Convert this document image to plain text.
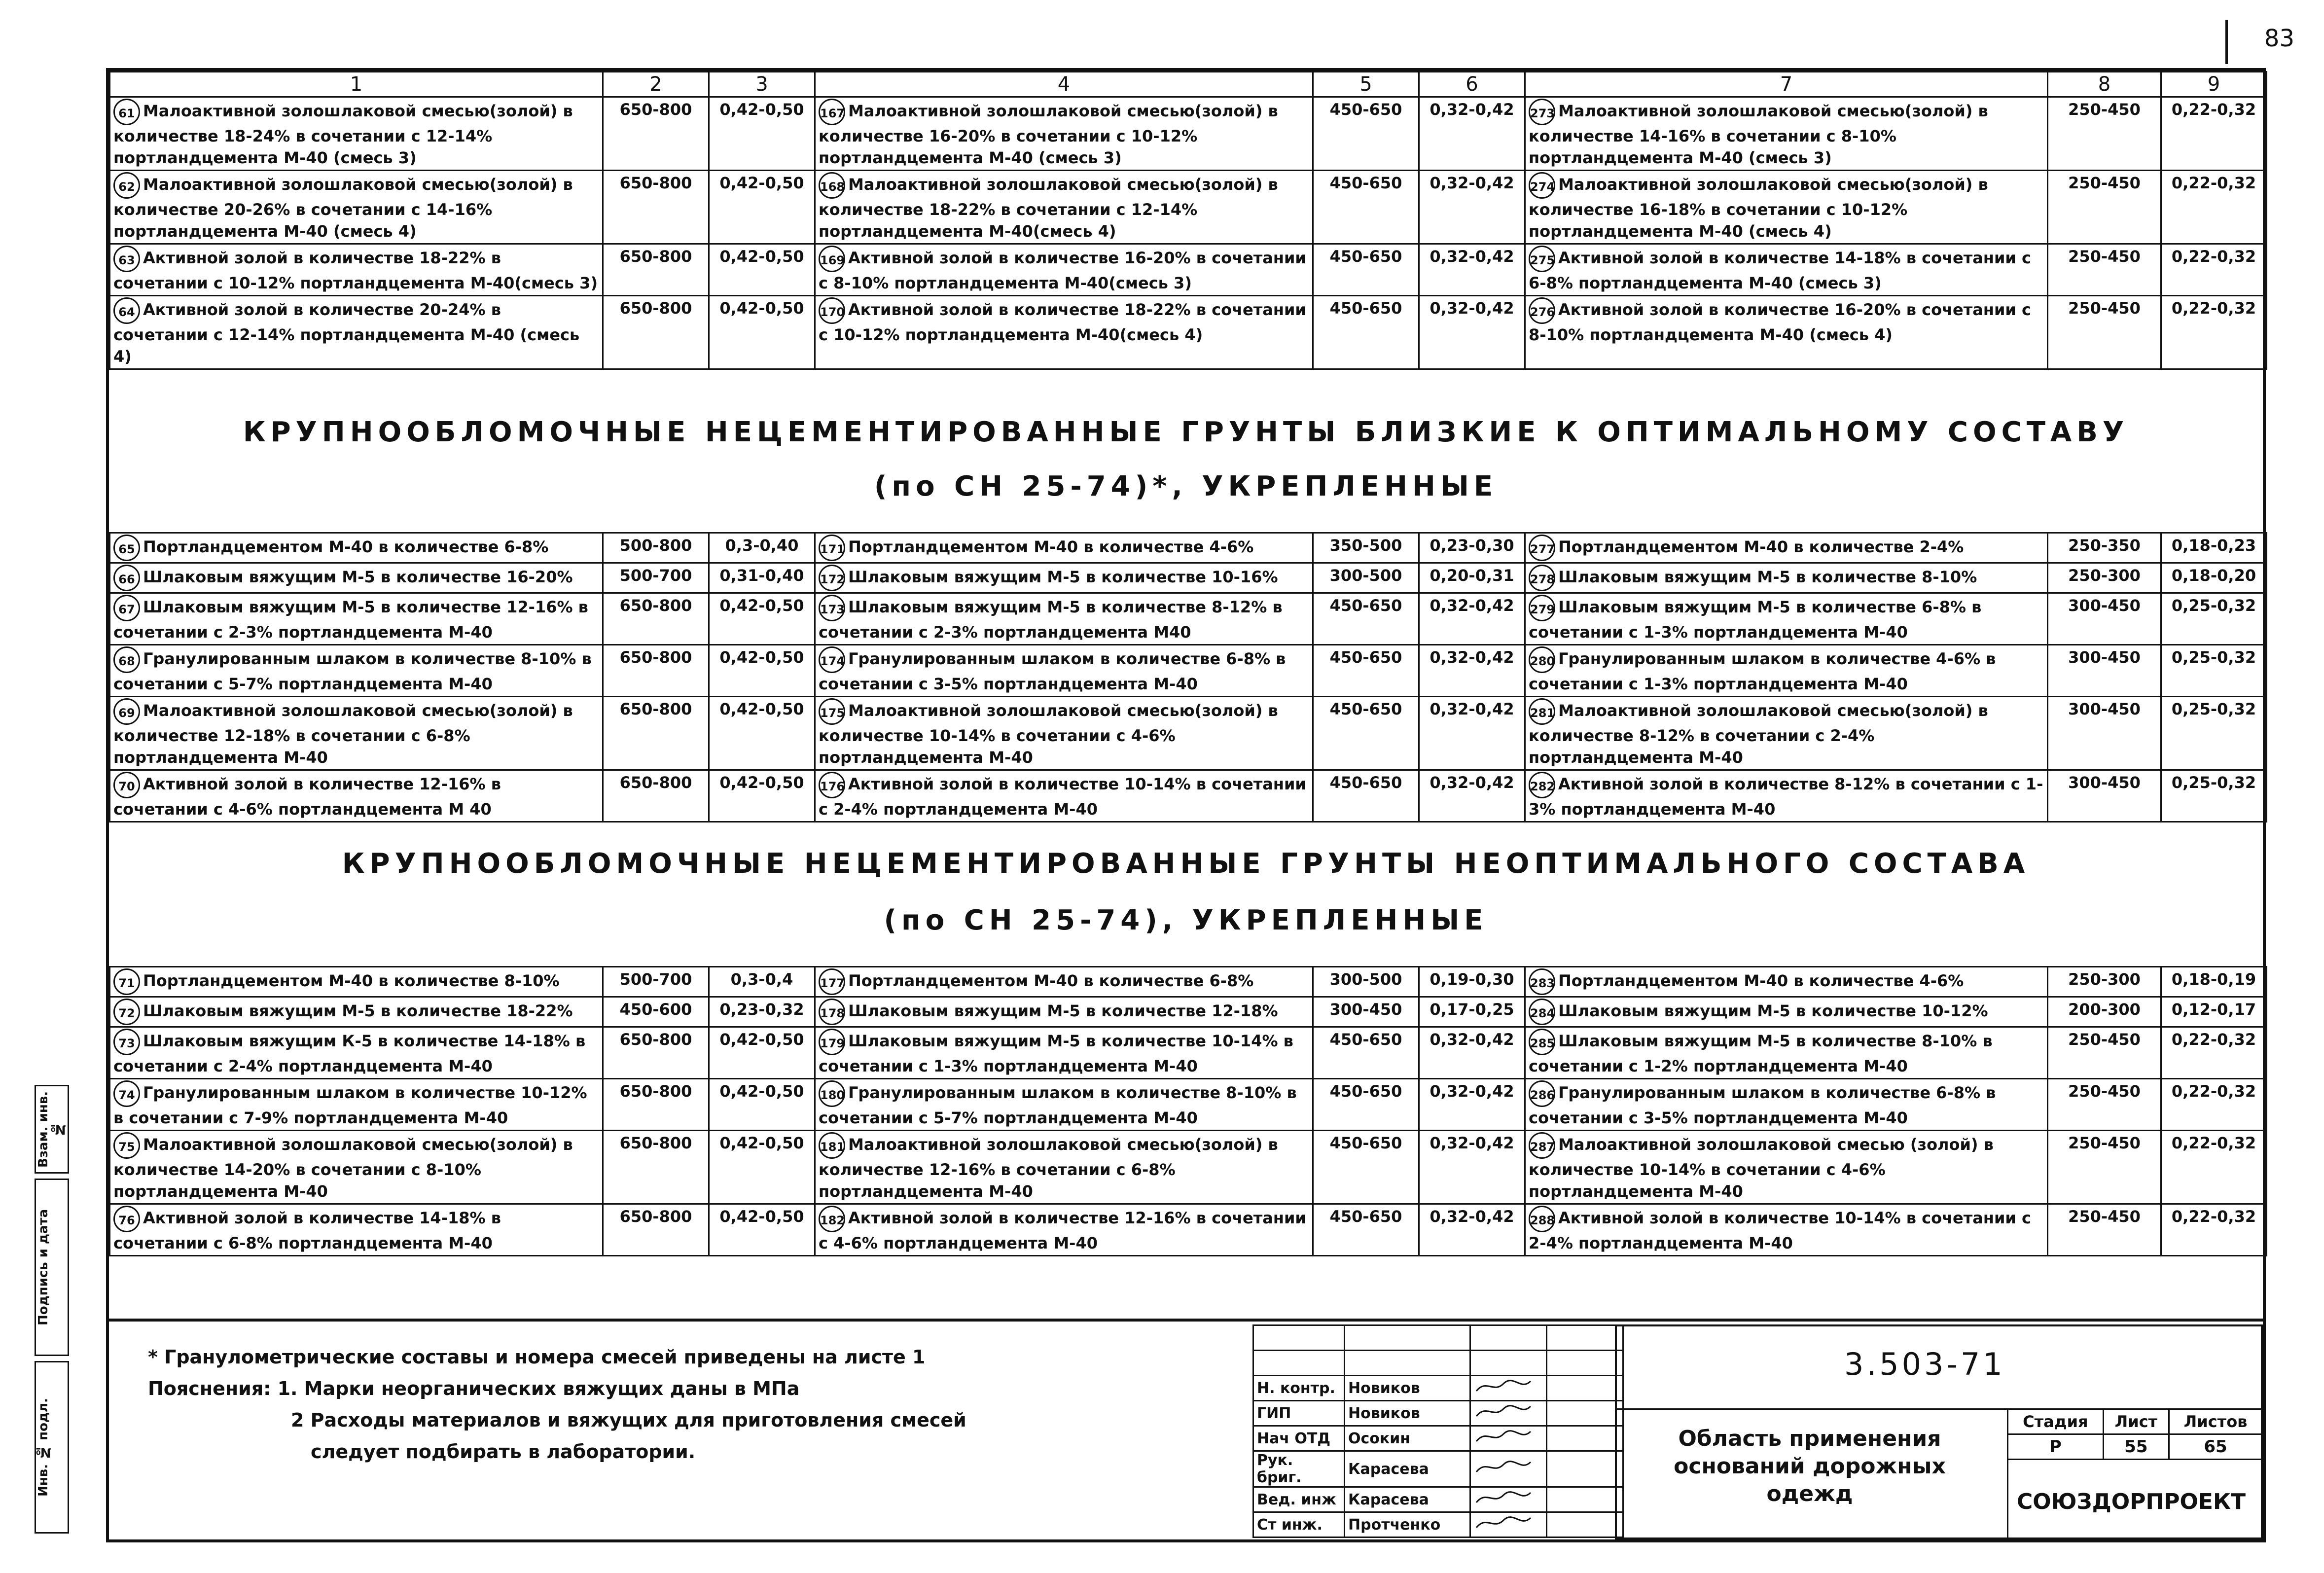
83
Взам. инв. №
Подпись и дата
Инв. № подл.
1	2	3	4	5	6	7	8	9
61 Малоактивной золошлаковой смесью(золой) в количестве 18-24% в сочетании с 12-14% портландцемента М-40 (смесь 3)	650-800	0,42-0,50	167 Малоактивной золошлаковой смесью(золой) в количестве 16-20% в сочетании с 10-12% портландцемента М-40 (смесь 3)	450-650	0,32-0,42	273 Малоактивной золошлаковой смесью(золой) в количестве 14-16% в сочетании с 8-10% портландцемента М-40 (смесь 3)	250-450	0,22-0,32
62 Малоактивной золошлаковой смесью(золой) в количестве 20-26% в сочетании с 14-16% портландцемента М-40 (смесь 4)	650-800	0,42-0,50	168 Малоактивной золошлаковой смесью(золой) в количестве 18-22% в сочетании с 12-14% портландцемента М-40(смесь 4)	450-650	0,32-0,42	274 Малоактивной золошлаковой смесью(золой) в количестве 16-18% в сочетании с 10-12% портландцемента М-40 (смесь 4)	250-450	0,22-0,32
63 Активной золой в количестве 18-22% в сочетании с 10-12% портландцемента М-40(смесь 3)	650-800	0,42-0,50	169 Активной золой в количестве 16-20% в сочетании с 8-10% портландцемента М-40(смесь 3)	450-650	0,32-0,42	275 Активной золой в количестве 14-18% в сочетании с 6-8% портландцемента М-40 (смесь 3)	250-450	0,22-0,32
64 Активной золой в количестве 20-24% в сочетании с 12-14% портландцемента М-40 (смесь 4)	650-800	0,42-0,50	170 Активной золой в количестве 18-22% в сочетании с 10-12% портландцемента М-40(смесь 4)	450-650	0,32-0,42	276 Активной золой в количестве 16-20% в сочетании с 8-10% портландцемента М-40 (смесь 4)	250-450	0,22-0,32
КРУПНООБЛОМОЧНЫЕ НЕЦЕМЕНТИРОВАННЫЕ ГРУНТЫ БЛИЗКИЕ К ОПТИМАЛЬНОМУ СОСТАВУ
(по СН 25-74)*, УКРЕПЛЕННЫЕ
65 Портландцементом М-40 в количестве 6-8%	500-800	0,3-0,40	171 Портландцементом М-40 в количестве 4-6%	350-500	0,23-0,30	277 Портландцементом М-40 в количестве 2-4%	250-350	0,18-0,23
66 Шлаковым вяжущим М-5 в количестве 16-20%	500-700	0,31-0,40	172 Шлаковым вяжущим М-5 в количестве 10-16%	300-500	0,20-0,31	278 Шлаковым вяжущим М-5 в количестве 8-10%	250-300	0,18-0,20
67 Шлаковым вяжущим М-5 в количестве 12-16% в сочетании с 2-3% портландцемента М-40	650-800	0,42-0,50	173 Шлаковым вяжущим М-5 в количестве 8-12% в сочетании с 2-3% портландцемента М40	450-650	0,32-0,42	279 Шлаковым вяжущим М-5 в количестве 6-8% в сочетании с 1-3% портландцемента М-40	300-450	0,25-0,32
68 Гранулированным шлаком в количестве 8-10% в сочетании с 5-7% портландцемента М-40	650-800	0,42-0,50	174 Гранулированным шлаком в количестве 6-8% в сочетании с 3-5% портландцемента М-40	450-650	0,32-0,42	280 Гранулированным шлаком в количестве 4-6% в сочетании с 1-3% портландцемента М-40	300-450	0,25-0,32
69 Малоактивной золошлаковой смесью(золой) в количестве 12-18% в сочетании с 6-8% портландцемента М-40	650-800	0,42-0,50	175 Малоактивной золошлаковой смесью(золой) в количестве 10-14% в сочетании с 4-6% портландцемента М-40	450-650	0,32-0,42	281 Малоактивной золошлаковой смесью(золой) в количестве 8-12% в сочетании с 2-4% портландцемента М-40	300-450	0,25-0,32
70 Активной золой в количестве 12-16% в сочетании с 4-6% портландцемента М 40	650-800	0,42-0,50	176 Активной золой в количестве 10-14% в сочетании с 2-4% портландцемента М-40	450-650	0,32-0,42	282 Активной золой в количестве 8-12% в сочетании с 1-3% портландцемента М-40	300-450	0,25-0,32
КРУПНООБЛОМОЧНЫЕ НЕЦЕМЕНТИРОВАННЫЕ ГРУНТЫ НЕОПТИМАЛЬНОГО СОСТАВА
(по СН 25-74), УКРЕПЛЕННЫЕ
71 Портландцементом М-40 в количестве 8-10%	500-700	0,3-0,4	177 Портландцементом М-40 в количестве 6-8%	300-500	0,19-0,30	283 Портландцементом М-40 в количестве 4-6%	250-300	0,18-0,19
72 Шлаковым вяжущим М-5 в количестве 18-22%	450-600	0,23-0,32	178 Шлаковым вяжущим М-5 в количестве 12-18%	300-450	0,17-0,25	284 Шлаковым вяжущим М-5 в количестве 10-12%	200-300	0,12-0,17
73 Шлаковым вяжущим К-5 в количестве 14-18% в сочетании с 2-4% портландцемента М-40	650-800	0,42-0,50	179 Шлаковым вяжущим М-5 в количестве 10-14% в сочетании с 1-3% портландцемента М-40	450-650	0,32-0,42	285 Шлаковым вяжущим М-5 в количестве 8-10% в сочетании с 1-2% портландцемента М-40	250-450	0,22-0,32
74 Гранулированным шлаком в количестве 10-12% в сочетании с 7-9% портландцемента М-40	650-800	0,42-0,50	180 Гранулированным шлаком в количестве 8-10% в сочетании с 5-7% портландцемента М-40	450-650	0,32-0,42	286 Гранулированным шлаком в количестве 6-8% в сочетании с 3-5% портландцемента М-40	250-450	0,22-0,32
75 Малоактивной золошлаковой смесью(золой) в количестве 14-20% в сочетании с 8-10% портландцемента М-40	650-800	0,42-0,50	181 Малоактивной золошлаковой смесью(золой) в количестве 12-16% в сочетании с 6-8% портландцемента М-40	450-650	0,32-0,42	287 Малоактивной золошлаковой смесью (золой) в количестве 10-14% в сочетании с 4-6% портландцемента М-40	250-450	0,22-0,32
76 Активной золой в количестве 14-18% в сочетании с 6-8% портландцемента М-40	650-800	0,42-0,50	182 Активной золой в количестве 12-16% в сочетании с 4-6% портландцемента М-40	450-650	0,32-0,42	288 Активной золой в количестве 10-14% в сочетании с 2-4% портландцемента М-40	250-450	0,22-0,32
* Гранулометрические составы и номера смесей приведены на листе 1
Пояснения: 1. Марки неорганических вяжущих даны в МПа
2 Расходы материалов и вяжущих для приготовления смесей
следует подбирать в лаборатории.

Н. контр.	Новиков		
ГИП	Новиков		
Нач ОТД	Осокин		
Рук. бриг.	Карасева		
Вед. инж	Карасева		
Ст инж.	Протченко		
Стадия	Лист	Листов
Р	55	65
3.503-71
Область применения оснований дорожных одежд	СОЮЗДОРПРОЕКТ
